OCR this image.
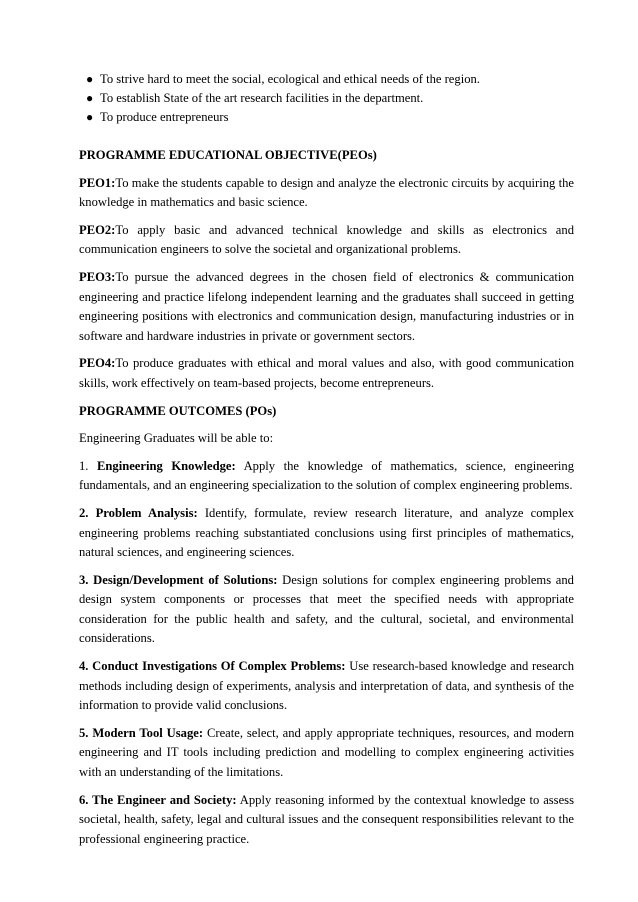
● To strive hard to meet the social, ecological and ethical needs of the region.
● To establish State of the art research facilities in the department.
● To produce entrepreneurs

PROGRAMME EDUCATIONAL OBJECTIVE(PEOs)

PEO1:To make the students capable to design and analyze the electronic circuits by acquiring the knowledge in mathematics and basic science.

PEO2:To apply basic and advanced technical knowledge and skills as electronics and communication engineers to solve the societal and organizational problems.

PEO3:To pursue the advanced degrees in the chosen field of electronics & communication engineering and practice lifelong independent learning and the graduates shall succeed in getting engineering positions with electronics and communication design, manufacturing industries or in software and hardware industries in private or government sectors.

PEO4:To produce graduates with ethical and moral values and also, with good communication skills, work effectively on team-based projects, become entrepreneurs.

PROGRAMME OUTCOMES (POs)

Engineering Graduates will be able to:

1. Engineering Knowledge: Apply the knowledge of mathematics, science, engineering fundamentals, and an engineering specialization to the solution of complex engineering problems.

2. Problem Analysis: Identify, formulate, review research literature, and analyze complex engineering problems reaching substantiated conclusions using first principles of mathematics, natural sciences, and engineering sciences.

3. Design/Development of Solutions: Design solutions for complex engineering problems and design system components or processes that meet the specified needs with appropriate consideration for the public health and safety, and the cultural, societal, and environmental considerations.

4. Conduct Investigations Of Complex Problems: Use research-based knowledge and research methods including design of experiments, analysis and interpretation of data, and synthesis of the information to provide valid conclusions.

5. Modern Tool Usage: Create, select, and apply appropriate techniques, resources, and modern engineering and IT tools including prediction and modelling to complex engineering activities with an understanding of the limitations.

6. The Engineer and Society: Apply reasoning informed by the contextual knowledge to assess societal, health, safety, legal and cultural issues and the consequent responsibilities relevant to the professional engineering practice.
